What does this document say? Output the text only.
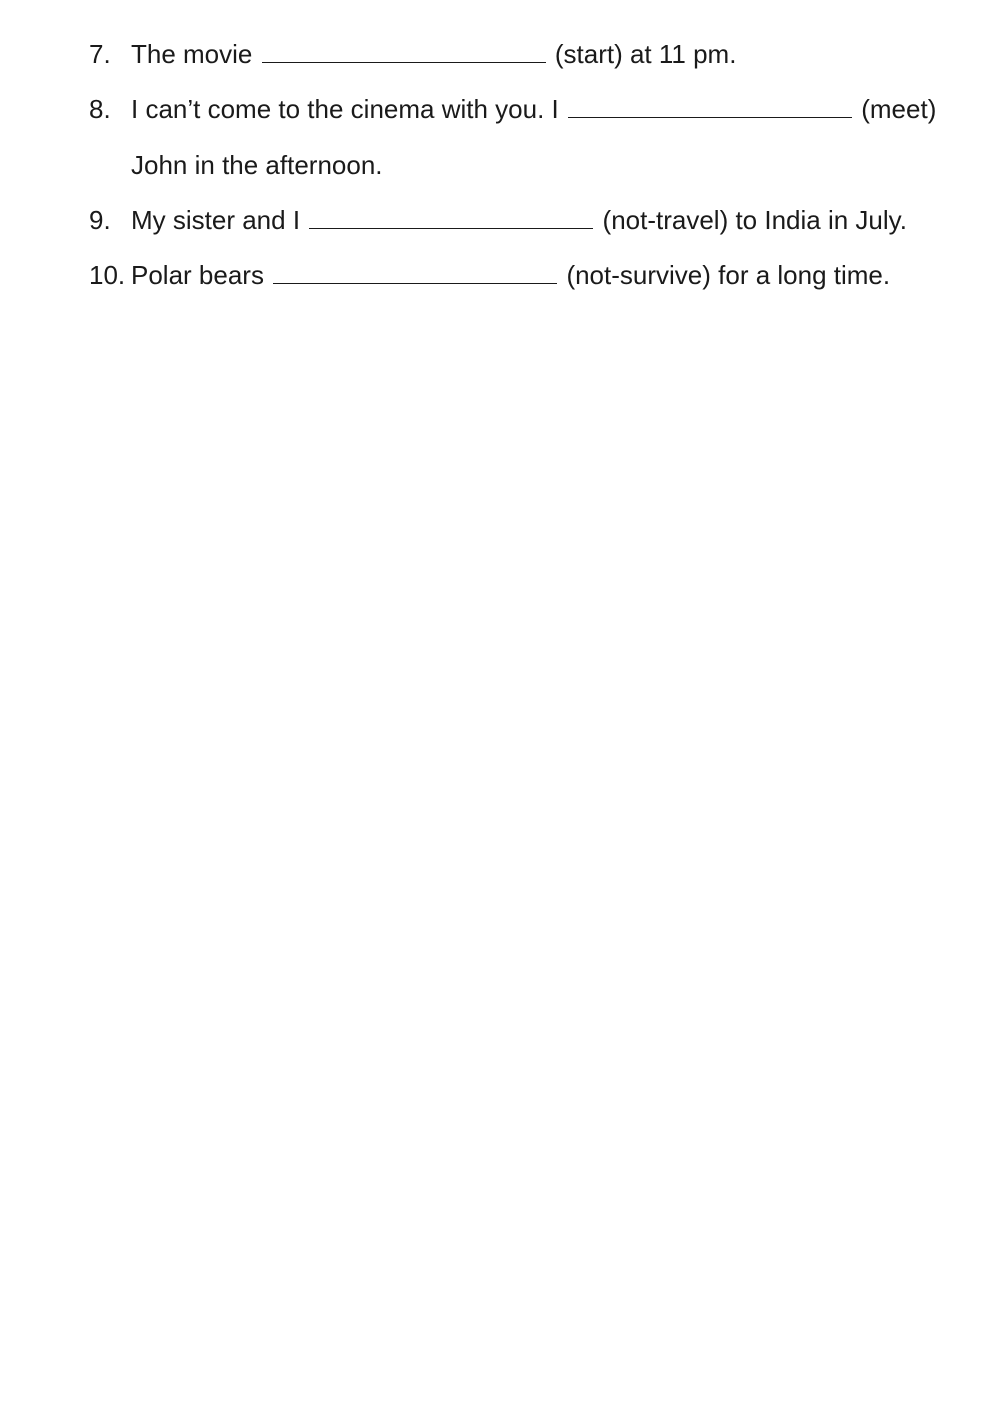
7. The movie	(start) at 11 pm.
8. I can’t come to the cinema with you. I	(meet)
John in the afternoon.
9. My sister and I	(not-travel) to India in July.
10. Polar bears	(not-survive) for a long time.
